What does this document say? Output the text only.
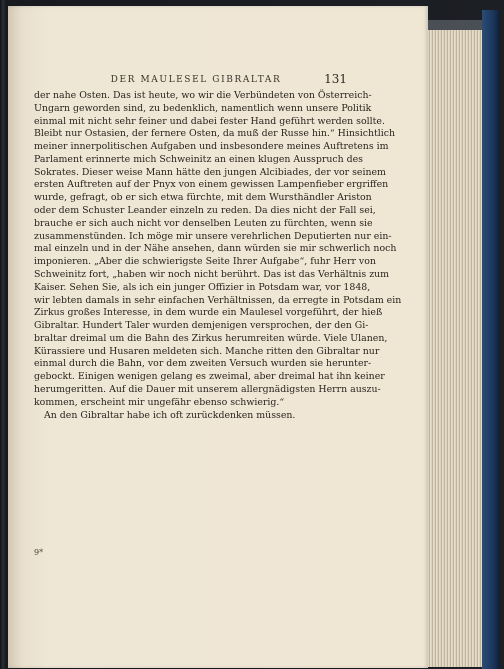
DER MAULESEL GIBRALTAR	131
der nahe Osten. Das ist heute, wo wir die Verbündeten von Österreich-
Ungarn geworden sind, zu bedenklich, namentlich wenn unsere Politik
einmal mit nicht sehr feiner und dabei fester Hand geführt werden sollte.
Bleibt nur Ostasien, der fernere Osten, da muß der Russe hin.“ Hinsichtlich
meiner innerpolitischen Aufgaben und insbesondere meines Auftretens im
Parlament erinnerte mich Schweinitz an einen klugen Ausspruch des
Sokrates. Dieser weise Mann hätte den jungen Alcibiades, der vor seinem
ersten Auftreten auf der Pnyx von einem gewissen Lampenfieber ergriffen
wurde, gefragt, ob er sich etwa fürchte, mit dem Wursthändler Ariston
oder dem Schuster Leander einzeln zu reden. Da dies nicht der Fall sei,
brauche er sich auch nicht vor denselben Leuten zu fürchten, wenn sie
zusammenstünden. Ich möge mir unsere verehrlichen Deputierten nur ein-
mal einzeln und in der Nähe ansehen, dann würden sie mir schwerlich noch
imponieren. „Aber die schwierigste Seite Ihrer Aufgabe“, fuhr Herr von
Schweinitz fort, „haben wir noch nicht berührt. Das ist das Verhältnis zum
Kaiser. Sehen Sie, als ich ein junger Offizier in Potsdam war, vor 1848,
wir lebten damals in sehr einfachen Verhältnissen, da erregte in Potsdam ein
Zirkus großes Interesse, in dem wurde ein Maulesel vorgeführt, der hieß
Gibraltar. Hundert Taler wurden demjenigen versprochen, der den Gi-
braltar dreimal um die Bahn des Zirkus herumreiten würde. Viele Ulanen,
Kürassiere und Husaren meldeten sich. Manche ritten den Gibraltar nur
einmal durch die Bahn, vor dem zweiten Versuch wurden sie herunter-
gebockt. Einigen wenigen gelang es zweimal, aber dreimal hat ihn keiner
herumgeritten. Auf die Dauer mit unserem allergnädigsten Herrn auszu-
kommen, erscheint mir ungefähr ebenso schwierig.“
An den Gibraltar habe ich oft zurückdenken müssen.
9*
